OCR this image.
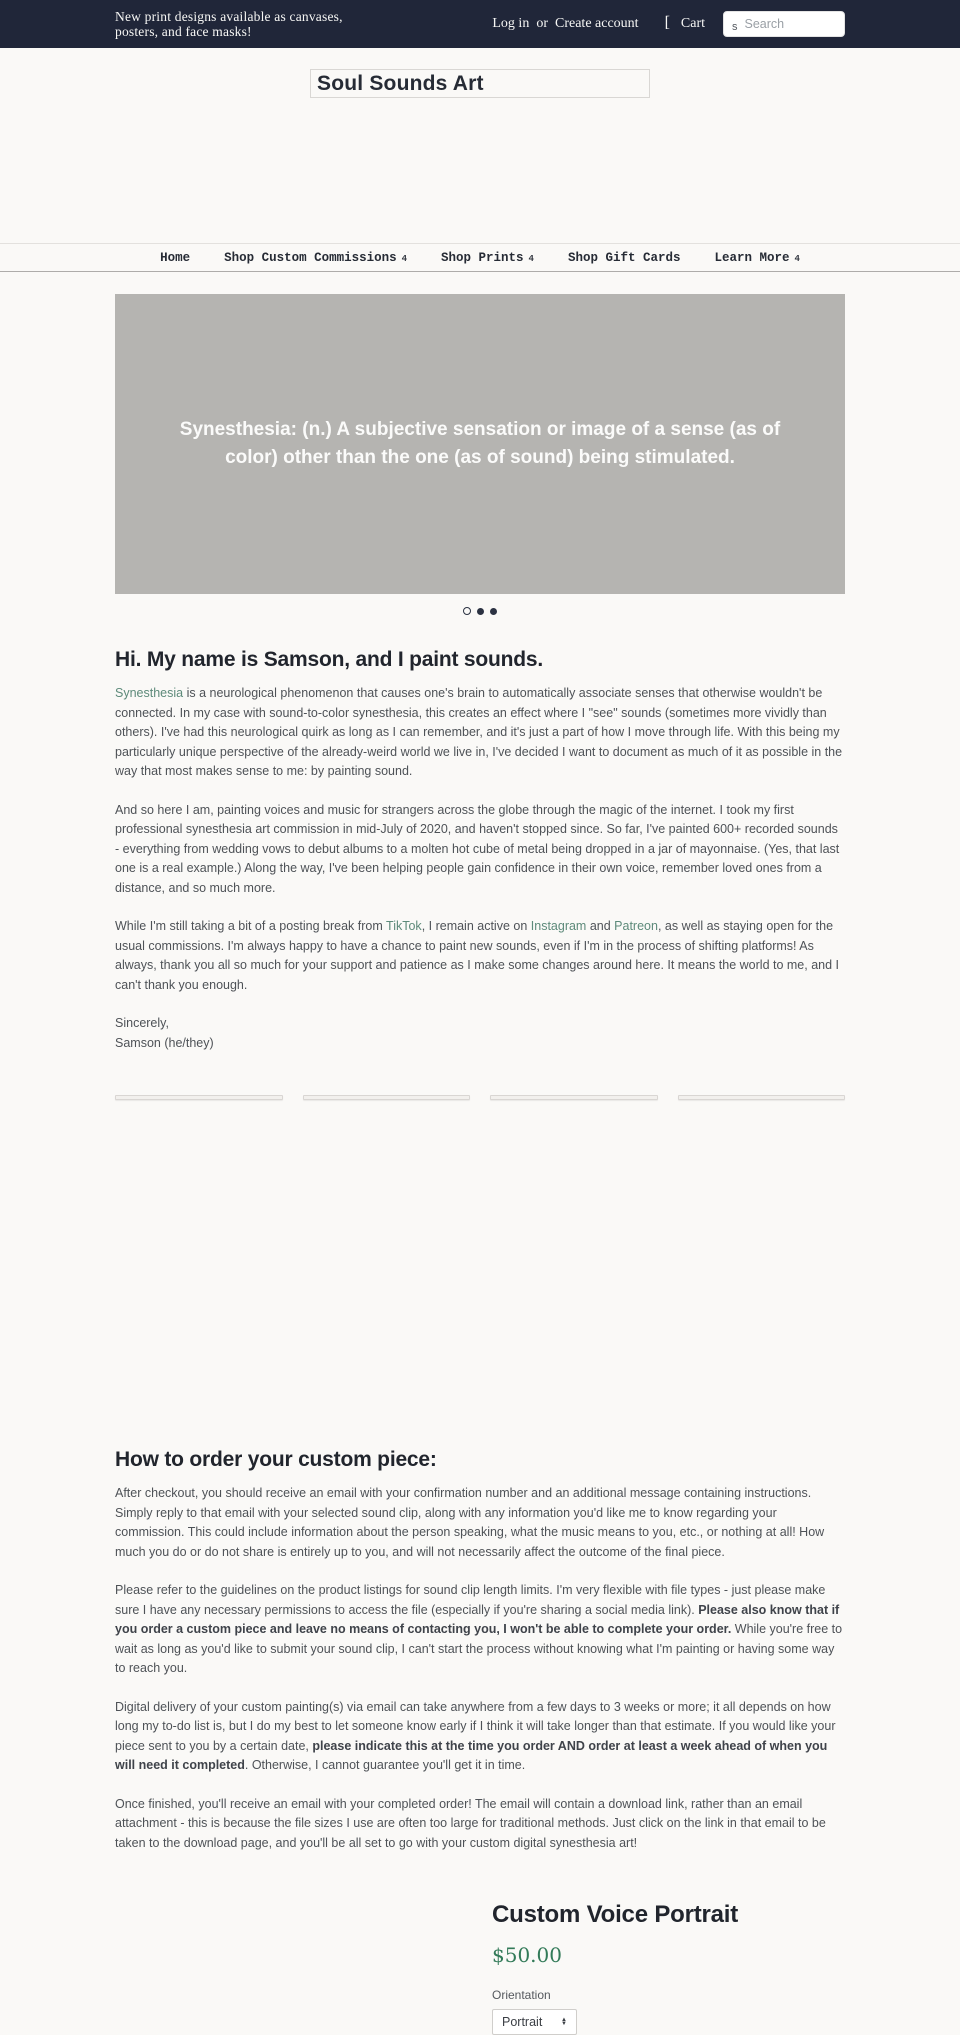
New print designs available as canvases,
posters, and face masks!
Log in or Create account [ Cart s
Search
Soul Sounds Art
Home	Shop Custom Commissions 4	Shop Prints 4	Shop Gift Cards	Learn More 4
Synesthesia: (n.) A subjective sensation or image of a sense (as of color) other than the one (as of sound) being stimulated.
Hi. My name is Samson, and I paint sounds.

Synesthesia is a neurological phenomenon that causes one's brain to automatically associate senses that otherwise wouldn't be connected. In my case with sound-to-color synesthesia, this creates an effect where I "see" sounds (sometimes more vividly than others). I've had this neurological quirk as long as I can remember, and it's just a part of how I move through life. With this being my particularly unique perspective of the already-weird world we live in, I've decided I want to document as much of it as possible in the way that most makes sense to me: by painting sound.

And so here I am, painting voices and music for strangers across the globe through the magic of the internet. I took my first professional synesthesia art commission in mid-July of 2020, and haven't stopped since. So far, I've painted 600+ recorded sounds - everything from wedding vows to debut albums to a molten hot cube of metal being dropped in a jar of mayonnaise. (Yes, that last one is a real example.) Along the way, I've been helping people gain confidence in their own voice, remember loved ones from a distance, and so much more.

While I'm still taking a bit of a posting break from TikTok, I remain active on Instagram and Patreon, as well as staying open for the usual commissions. I'm always happy to have a chance to paint new sounds, even if I'm in the process of shifting platforms! As always, thank you all so much for your support and patience as I make some changes around here. It means the world to me, and I can't thank you enough.

Sincerely,
Samson (he/they)

How to order your custom piece:

After checkout, you should receive an email with your confirmation number and an additional message containing instructions. Simply reply to that email with your selected sound clip, along with any information you'd like me to know regarding your commission. This could include information about the person speaking, what the music means to you, etc., or nothing at all! How much you do or do not share is entirely up to you, and will not necessarily affect the outcome of the final piece.

Please refer to the guidelines on the product listings for sound clip length limits. I'm very flexible with file types - just please make sure I have any necessary permissions to access the file (especially if you're sharing a social media link). Please also know that if you order a custom piece and leave no means of contacting you, I won't be able to complete your order. While you're free to wait as long as you'd like to submit your sound clip, I can't start the process without knowing what I'm painting or having some way to reach you.

Digital delivery of your custom painting(s) via email can take anywhere from a few days to 3 weeks or more; it all depends on how long my to-do list is, but I do my best to let someone know early if I think it will take longer than that estimate. If you would like your piece sent to you by a certain date, please indicate this at the time you order AND order at least a week ahead of when you will need it completed. Otherwise, I cannot guarantee you'll get it in time.

Once finished, you'll receive an email with your completed order! The email will contain a download link, rather than an email attachment - this is because the file sizes I use are often too large for traditional methods. Just click on the link in that email to be taken to the download page, and you'll be all set to go with your custom digital synesthesia art!

Custom Voice Portrait
$50.00
Orientation
Portrait	▲
▼
